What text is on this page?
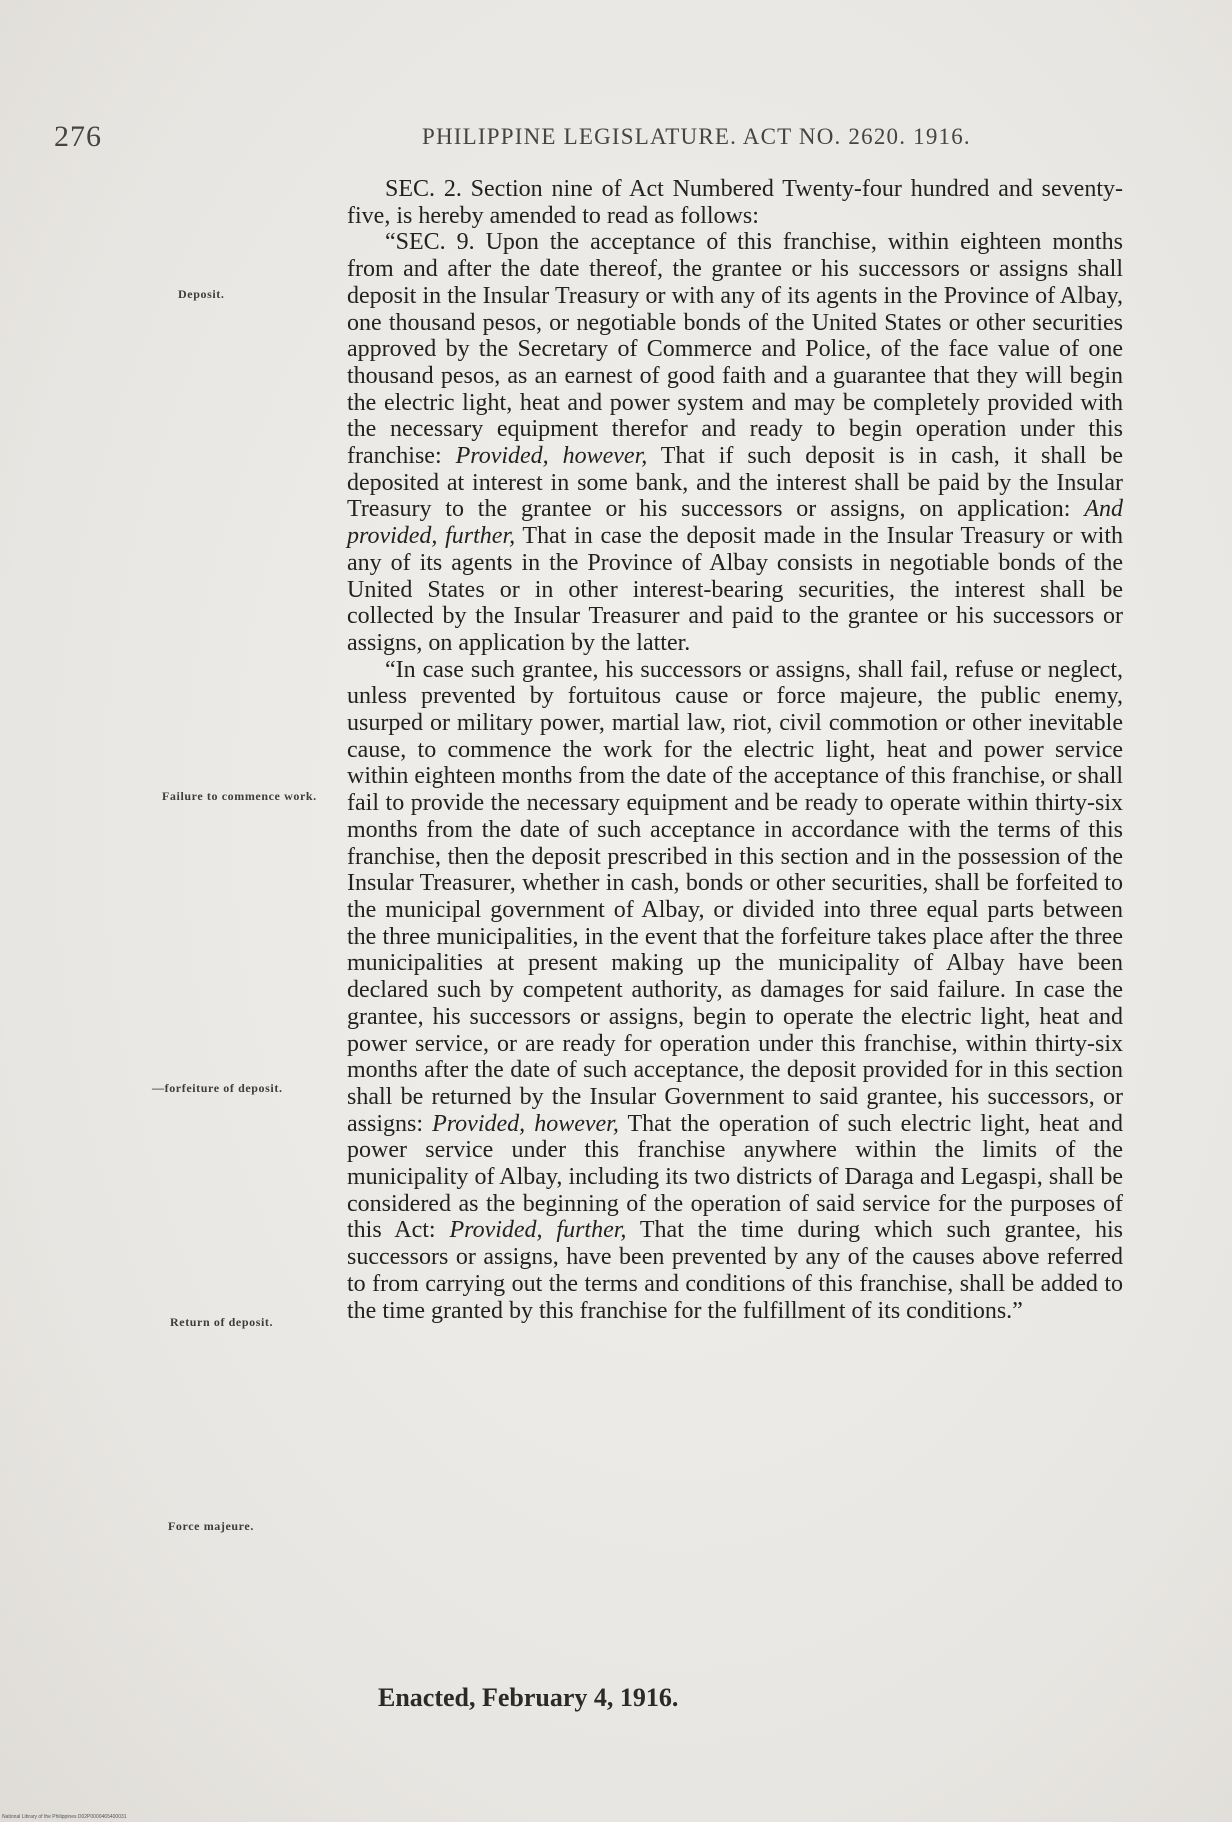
276	PHILIPPINE LEGISLATURE. ACT NO. 2620. 1916.
Deposit.
Failure to commence work.
—forfeiture of deposit.
Return of deposit.
Force majeure.

SEC. 2. Section nine of Act Numbered Twenty-four hundred and seventy-five, is hereby amended to read as follows:

“SEC. 9. Upon the acceptance of this franchise, within eighteen months from and after the date thereof, the grantee or his successors or assigns shall deposit in the Insular Treasury or with any of its agents in the Province of Albay, one thousand pesos, or negotiable bonds of the United States or other securities approved by the Secretary of Commerce and Police, of the face value of one thousand pesos, as an earnest of good faith and a guarantee that they will begin the electric light, heat and power system and may be completely provided with the necessary equipment therefor and ready to begin operation under this franchise: Provided, however, That if such deposit is in cash, it shall be deposited at interest in some bank, and the interest shall be paid by the Insular Treasury to the grantee or his successors or assigns, on application: And provided, further, That in case the deposit made in the Insular Treasury or with any of its agents in the Province of Albay consists in negotiable bonds of the United States or in other interest-bearing securities, the interest shall be collected by the Insular Treasurer and paid to the grantee or his successors or assigns, on application by the latter.

“In case such grantee, his successors or assigns, shall fail, refuse or neglect, unless prevented by fortuitous cause or force majeure, the public enemy, usurped or military power, martial law, riot, civil commotion or other inevitable cause, to commence the work for the electric light, heat and power service within eighteen months from the date of the acceptance of this franchise, or shall fail to provide the necessary equipment and be ready to operate within thirty-six months from the date of such acceptance in accordance with the terms of this franchise, then the deposit prescribed in this section and in the possession of the Insular Treasurer, whether in cash, bonds or other securities, shall be forfeited to the municipal government of Albay, or divided into three equal parts between the three municipalities, in the event that the forfeiture takes place after the three municipalities at present making up the municipality of Albay have been declared such by competent authority, as damages for said failure. In case the grantee, his successors or assigns, begin to operate the electric light, heat and power service, or are ready for operation under this franchise, within thirty-six months after the date of such acceptance, the deposit provided for in this section shall be returned by the Insular Government to said grantee, his successors, or assigns: Provided, however, That the operation of such electric light, heat and power service under this franchise anywhere within the limits of the municipality of Albay, including its two districts of Daraga and Legaspi, shall be considered as the beginning of the operation of said service for the purposes of this Act: Provided, further, That the time during which such grantee, his successors or assigns, have been prevented by any of the causes above referred to from carrying out the terms and conditions of this franchise, shall be added to the time granted by this franchise for the fulfillment of its conditions.”

Enacted, February 4, 1916.
National Library of the Philippines D02P0000465400031
